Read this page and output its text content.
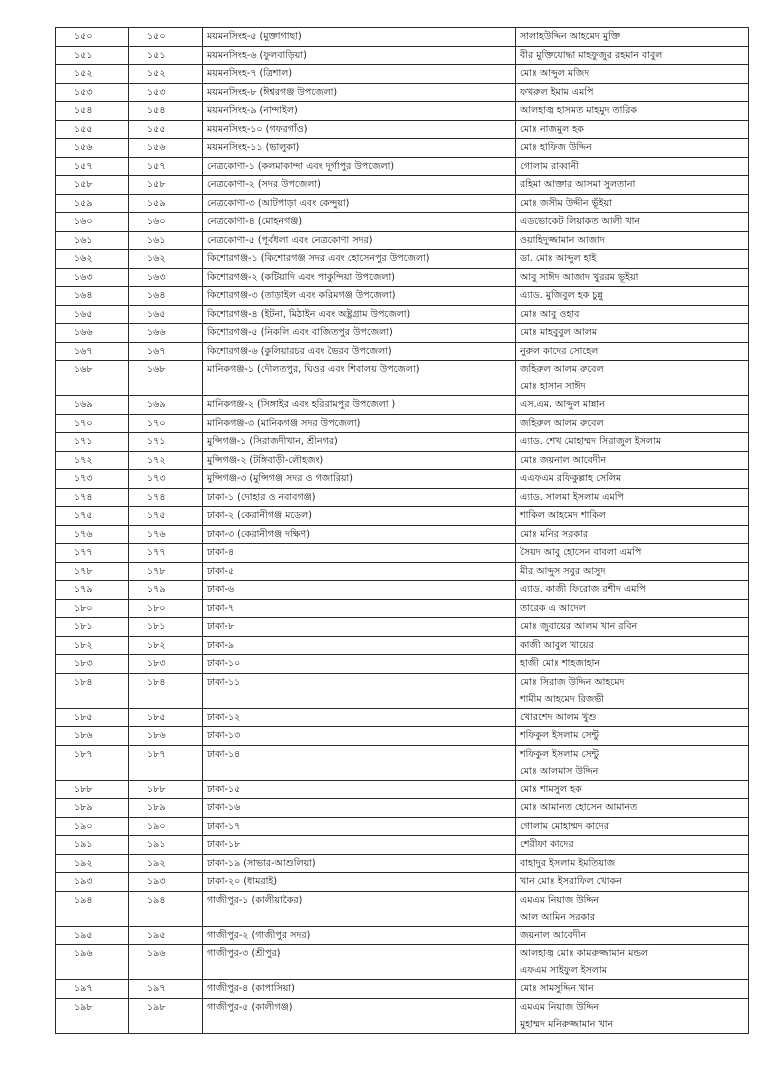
১৫০	১৫০	ময়মনসিংহ-৫ (মুক্তাগাছা)	সালাহউদ্দিন আহমেদ মুক্তি

১৫১	১৫১	ময়মনসিংহ-৬ (ফুলবাড়িয়া)	বীর মুক্তিযোদ্ধা মাহফুজুর রহমান বাবুল

১৫২	১৫২	ময়মনসিংহ-৭ (ত্রিশাল)	মোঃ আব্দুল মজিদ

১৫৩	১৫৩	ময়মনসিংহ-৮ (ঈশ্বরগঞ্জ উপজেলা)	ফখরুল ইমাম এমপি

১৫৪	১৫৪	ময়মনসিংহ-৯ (নান্দাইল)	আলহাজ্ব হাসমত মাহমুদ তারিক

১৫৫	১৫৫	ময়মনসিংহ-১০ (গফরগাঁও)	মোঃ নাজমুল হক

১৫৬	১৫৬	ময়মনসিংহ-১১ (ভালুকা)	মোঃ হাফিজ উদ্দিন

১৫৭	১৫৭	নেত্রকোণা-১ (কলমাকান্দা এবং দূর্গাপুর উপজেলা)	গোলাম রাব্বানী

১৫৮	১৫৮	নেত্রকোণা-২ (সদর উপজেলা)	রহিমা আক্তার আসমা সুলতানা

১৫৯	১৫৯	নেত্রকোণা-৩ (আটপাড়া এবং কেন্দুয়া)	মোঃ জসীম উদ্দীন ভূঁইয়া

১৬০	১৬০	নেত্রকোণা-৪ (মোহনগঞ্জ)	এডভোকেট লিয়াকত আলী খান

১৬১	১৬১	নেত্রকোণা-৫ (পূর্বধলা এবং নেত্রকোণা সদর)	ওয়াহিদুজ্জামান আজাদ

১৬২	১৬২	কিশোরগঞ্জ-১ (কিশোরগঞ্জ সদর এবং হোসেনপুর উপজেলা)	ডা. মোঃ আব্দুল হাই

১৬৩	১৬৩	কিশোরগঞ্জ-২ (কটিয়াদি এবং পাকুন্দিয়া উপজেলা)	আবু সাঈদ আজাদ খুররম ভূইয়া

১৬৪	১৬৪	কিশোরগঞ্জ-৩ (তাড়াইল এবং করিমগঞ্জ উপজেলা)	এ্যাড. মুজিবুল হক চুন্নু

১৬৫	১৬৫	কিশোরগঞ্জ-৪ (ইটনা, মিঠাইন এবং অষ্ট্রগ্রাম উপজেলা)	মোঃ আবু ওহাব

১৬৬	১৬৬	কিশোরগঞ্জ-৫ (নিকলি এবং বাজিতপুর উপজেলা)	মোঃ মাহবুবুল আলম

১৬৭	১৬৭	কিশোরগঞ্জ-৬ (কুলিয়ারচর এবং ভৈরব উপজেলা)	নুরুল কাদের সোহেল

১৬৮	১৬৮	মানিকগঞ্জ-১ (দৌলতপুর, ঘিওর এবং শিবালয় উপজেলা)	জহিরুল আলম রুবেল
মোঃ হাসান সাঈদ

১৬৯	১৬৯	মানিকগঞ্জ-২ (সিঙ্গাইর এবং হরিরামপুর উপজেলা )	এস.এম. আব্দুল মান্নান

১৭০	১৭০	মানিকগঞ্জ-৩ (মানিকগঞ্জ সদর উপজেলা)	জহিরুল আলম রুবেল

১৭১	১৭১	মুন্সিগঞ্জ-১ (সিরাজদীখান, শ্রীনগর)	এ্যাড. শেখ মোহাম্মদ সিরাজুল ইসলাম

১৭২	১৭২	মুন্সিগঞ্জ-২ (টঙ্গিবাড়ী-লৌহজং)	মোঃ জয়নাল আবেদীন

১৭৩	১৭৩	মুন্সিগঞ্জ-৩ (মুন্সিগঞ্জ সদর ও গজারিয়া)	এএফএম রফিকুল্লাহ সেলিম

১৭৪	১৭৪	ঢাকা-১ (দোহার ও নবাবগঞ্জ)	এ্যাড. সালমা ইসলাম এমপি

১৭৫	১৭৫	ঢাকা-২ (কেরানীগঞ্জ মডেল)	শাকিল আহমেদ শাকিল

১৭৬	১৭৬	ঢাকা-৩ (কেরানীগঞ্জ দক্ষিণ)	মোঃ মনির সরকার

১৭৭	১৭৭	ঢাকা-৪	সৈয়দ আবু হোসেন বাবলা এমপি

১৭৮	১৭৮	ঢাকা-৫	মীর আব্দুস সবুর আসুদ

১৭৯	১৭৯	ঢাকা-৬	এ্যাড. কাজী ফিরোজ রশীদ এমপি

১৮০	১৮০	ঢাকা-৭	তারেক এ আদেল

১৮১	১৮১	ঢাকা-৮	মোঃ জুবায়ের আলম খান রবিন

১৮২	১৮২	ঢাকা-৯	কাজী আবুল খায়ের

১৮৩	১৮৩	ঢাকা-১০	হাজী মোঃ শাহজাহান

১৮৪	১৮৪	ঢাকা-১১	মোঃ সিরাজ উদ্দিন আহমেদ
শামীম আহমেদ রিজভী

১৮৫	১৮৫	ঢাকা-১২	খোরশেদ আলম খুশু

১৮৬	১৮৬	ঢাকা-১৩	শফিকুল ইসলাম সেন্টু

১৮৭	১৮৭	ঢাকা-১৪	শফিকুল ইসলাম সেন্টু
মোঃ আলমাস উদ্দিন

১৮৮	১৮৮	ঢাকা-১৫	মোঃ শামসুল হক

১৮৯	১৮৯	ঢাকা-১৬	মোঃ আমানত হোসেন আমানত

১৯০	১৯০	ঢাকা-১৭	গোলাম মোহাম্মদ কাদের

১৯১	১৯১	ঢাকা-১৮	শেরীফা কাদের

১৯২	১৯২	ঢাকা-১৯ (সাভার-আশুলিয়া)	বাহাদুর ইসলাম ইমতিয়াজ

১৯৩	১৯৩	ঢাকা-২০ (ধামরাই)	খান মোঃ ইসরাফিল খোকন

১৯৪	১৯৪	গাজীপুর-১ (কালীয়াকৈর)	এমএম নিয়াজ উদ্দিন
আল আমিন সরকার

১৯৫	১৯৫	গাজীপুর-২ (গাজীপুর সদর)	জয়নাল আবেদীন

১৯৬	১৯৬	গাজীপুর-৩ (শ্রীপুর)	আলহাজ্ব মোঃ কামরুজ্জামান মন্ডল
এফএম সাইফুল ইসলাম

১৯৭	১৯৭	গাজীপুর-৪ (কাপাসিয়া)	মোঃ সামসুদ্দিন খান

১৯৮	১৯৮	গাজীপুর-৫ (কালীগঞ্জ)	এমএম নিয়াজ উদ্দিন
মুহাম্মদ মনিরুজ্জামান খান
